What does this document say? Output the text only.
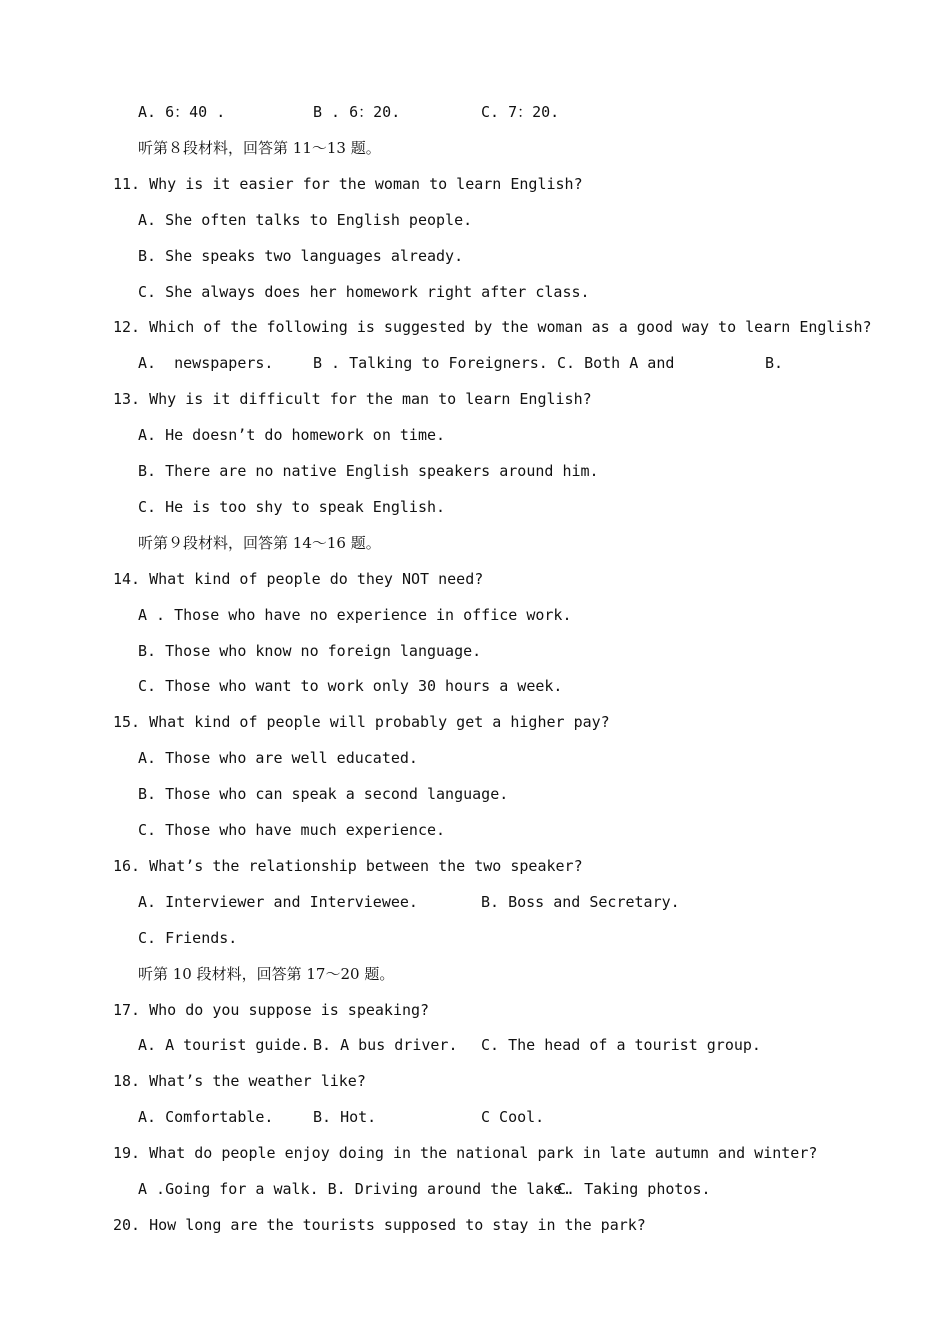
A. 6：40 .	B . 6：20.	C. 7：20.
听第８段材料，回答第 11～13 题。
11. Why is it easier for the woman to learn English?
A. She often talks to English people.
B. She speaks two languages already.
C. She always does her homework right after class.
12. Which of the following is suggested by the woman as a good way to learn English?
A.  newspapers.	B . Talking to Foreigners. C. Both A and	B.
13. Why is it difficult for the man to learn English?
A. He doesn’t do homework on time.
B. There are no native English speakers around him.
C. He is too shy to speak English.
听第９段材料，回答第 14～16 题。
14. What kind of people do they NOT need?
A . Those who have no experience in office work.
B. Those who know no foreign language.
C. Those who want to work only 30 hours a week.
15. What kind of people will probably get a higher pay?
A. Those who are well educated.
B. Those who can speak a second language.
C. Those who have much experience.
16. What’s the relationship between the two speaker?
A. Interviewer and Interviewee.	B. Boss and Secretary.
C. Friends.
听第 10 段材料，回答第 17～20 题。
17. Who do you suppose is speaking?
A. A tourist guide. B. A bus driver. C. The head of a tourist group.
18. What’s the weather like?
A. Comfortable.	B. Hot.	C Cool.
19. What do people enjoy doing in the national park in late autumn and winter?
A .Going for a walk. B. Driving around the lake.
C. Taking photos.
20. How long are the tourists supposed to stay in the park?
